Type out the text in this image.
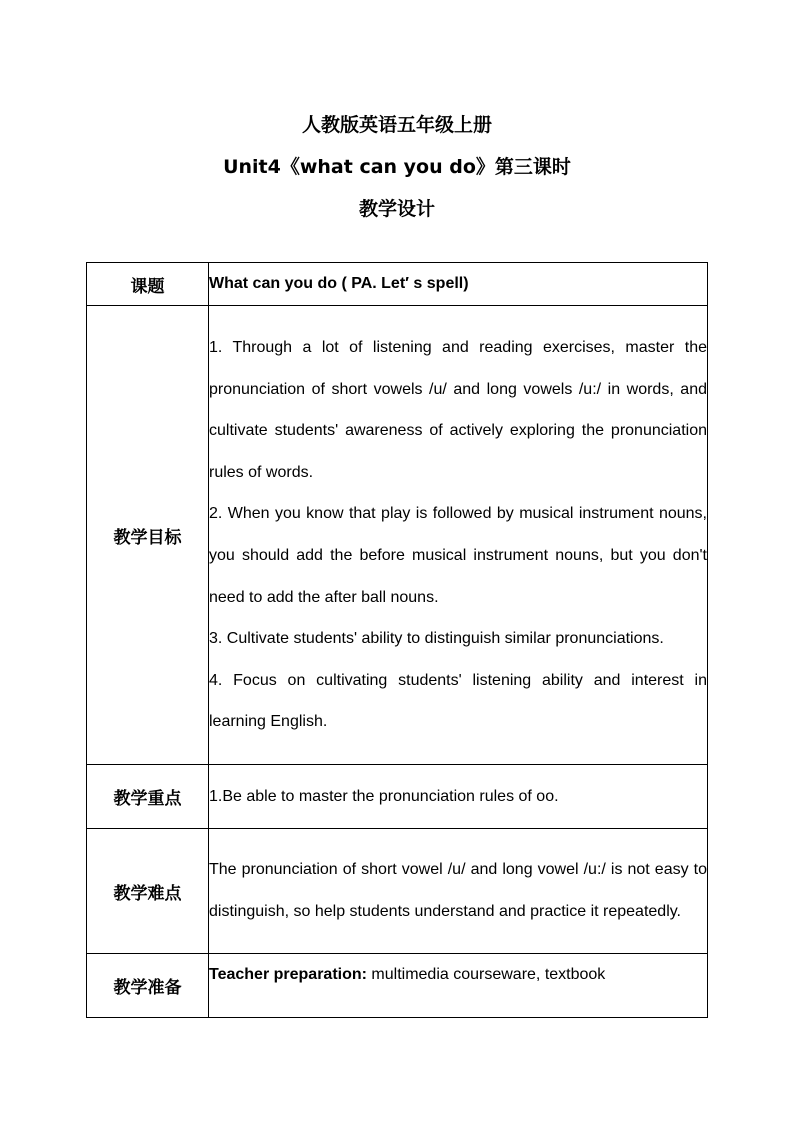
人教版英语五年级上册
Unit4《what can you do》第三课时
教学设计
课题	What can you do ( PA. Let′ s spell)
教学目标	1. Through a lot of listening and reading exercises, master the pronunciation of short vowels /u/ and long vowels /u:/ in words, and cultivate students' awareness of actively exploring the pronunciation rules of words.

2. When you know that play is followed by musical instrument nouns, you should add the before musical instrument nouns, but you don't need to add the after ball nouns.

3. Cultivate students' ability to distinguish similar pronunciations.

4. Focus on cultivating students' listening ability and interest in learning English.

教学重点	1.Be able to master the pronunciation rules of oo.
教学难点	The pronunciation of short vowel /u/ and long vowel /u:/ is not easy to distinguish, so help students understand and practice it repeatedly.

教学准备	Teacher preparation: multimedia courseware, textbook
